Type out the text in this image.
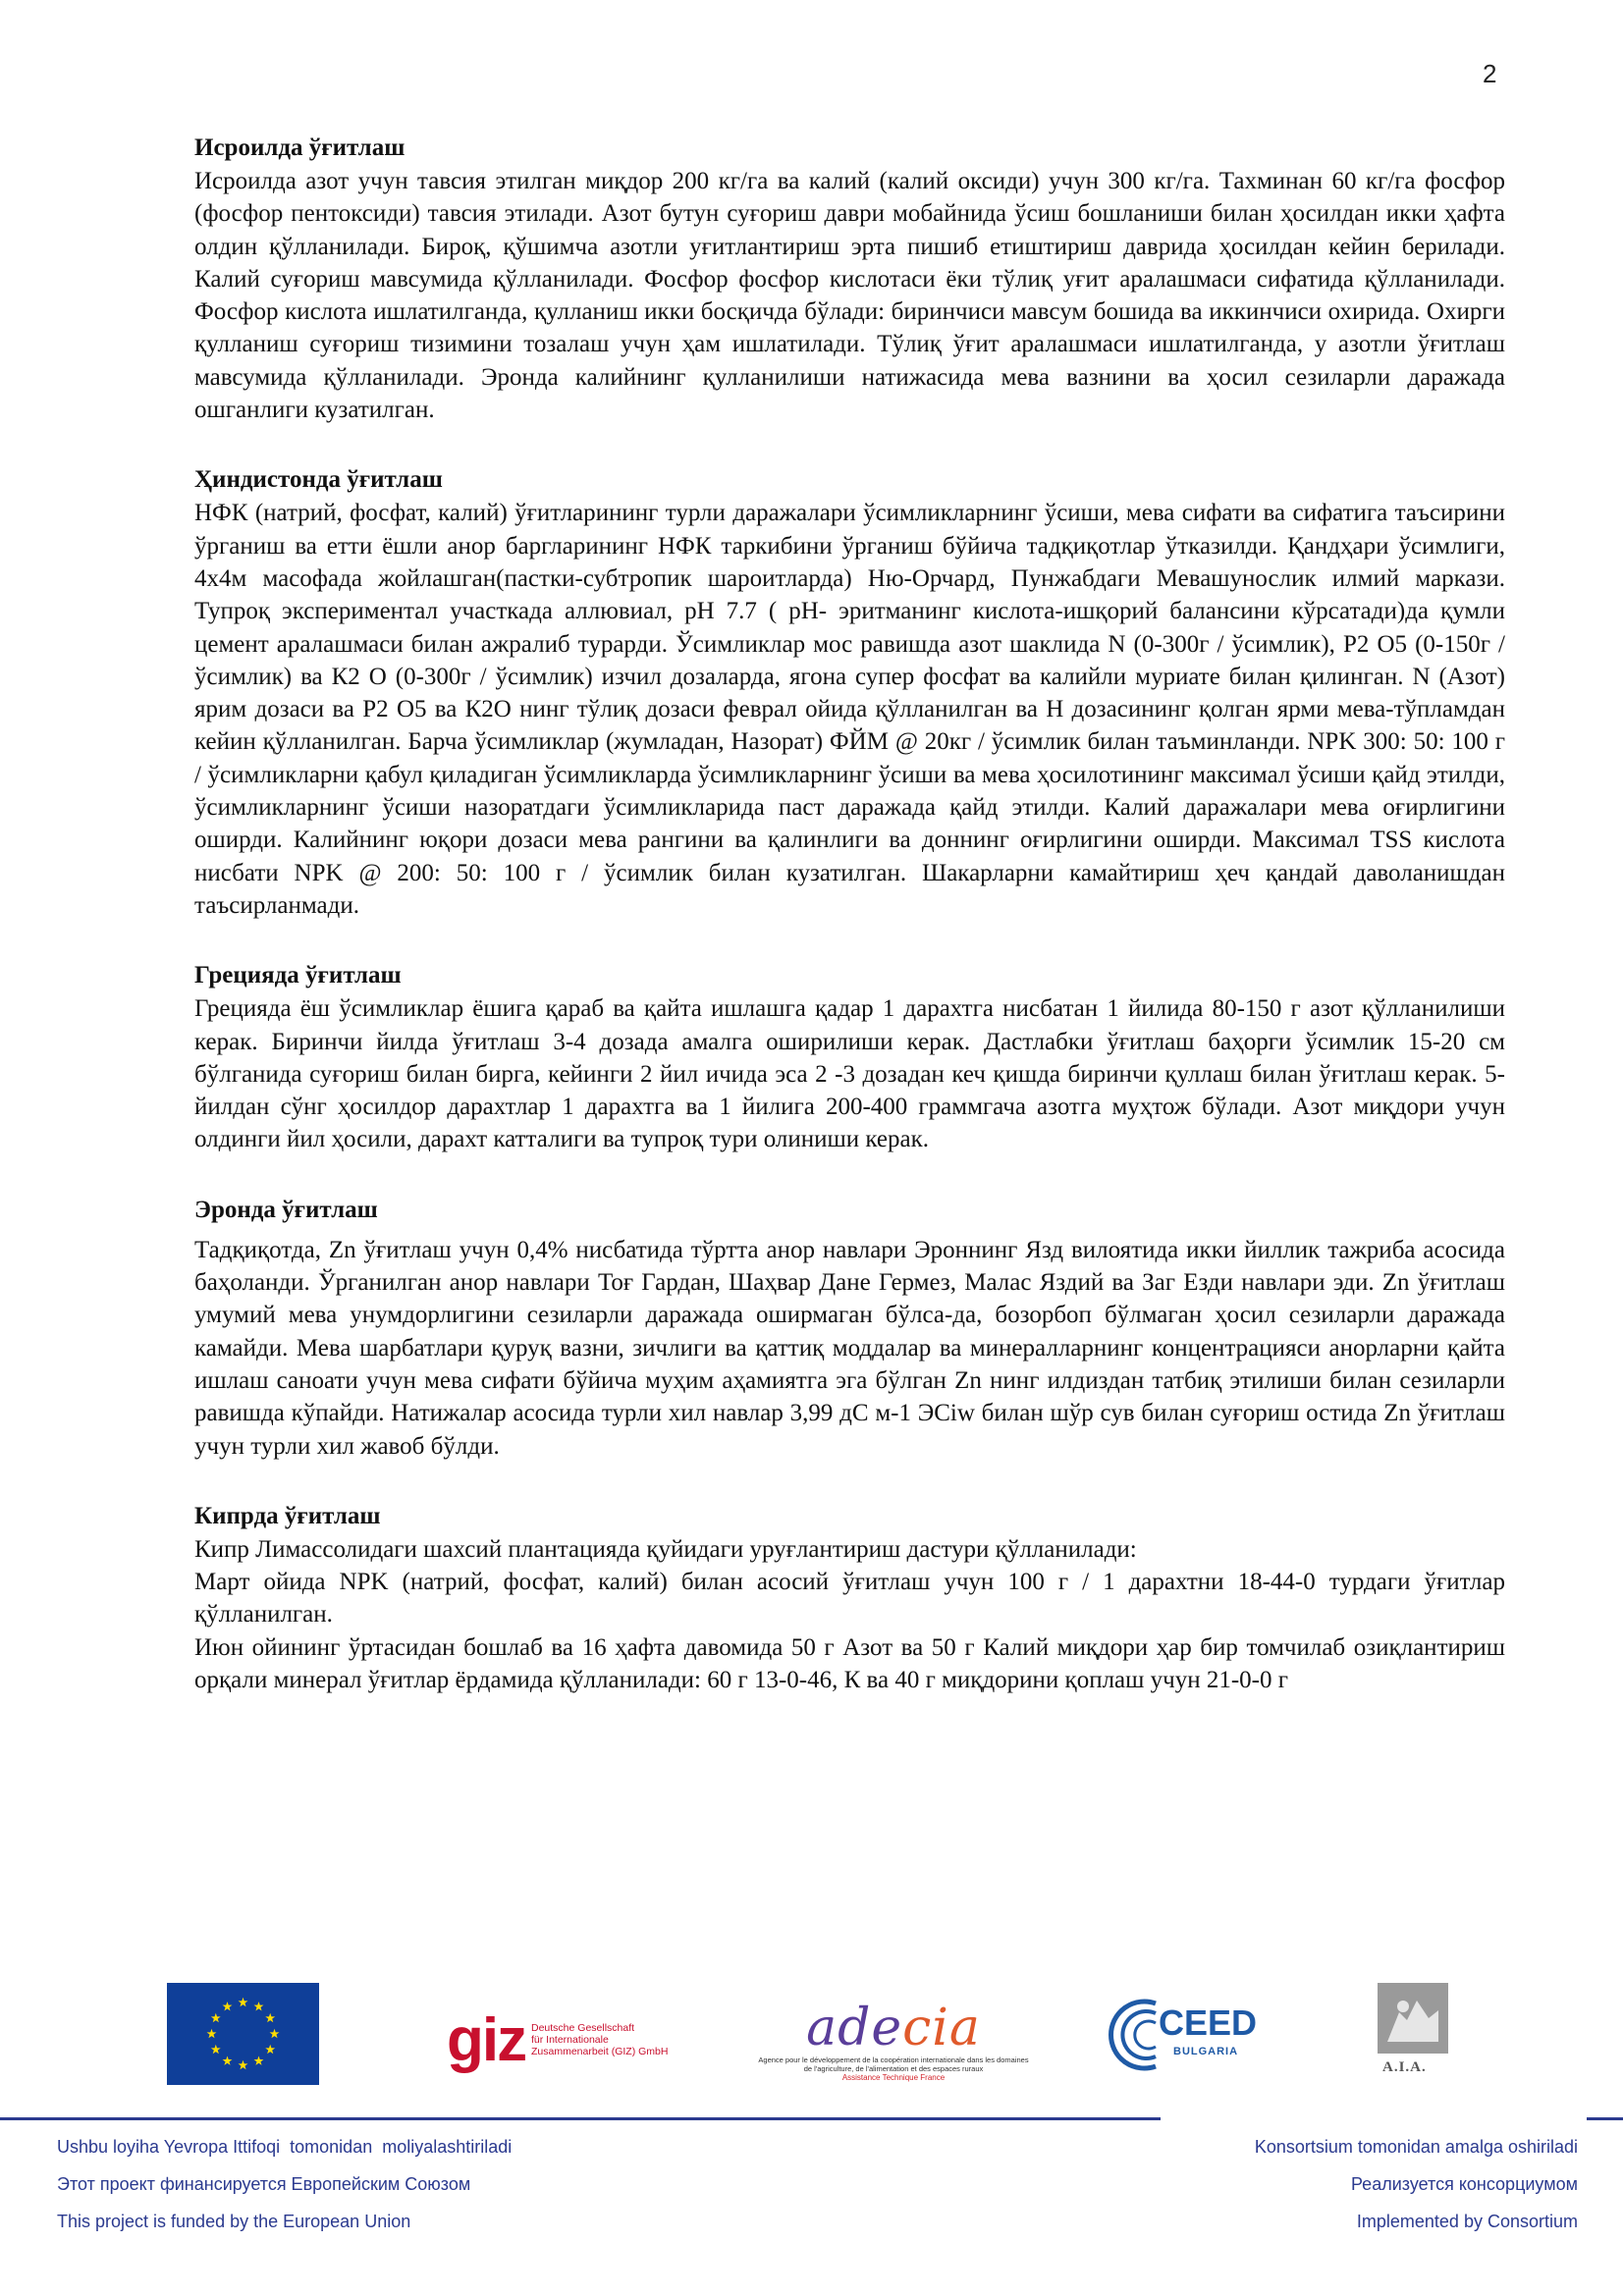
2
Исроилда ўғитлаш

Исроилда азот учун тавсия этилган миқдор 200 кг/га ва калий (калий оксиди) учун 300 кг/га. Тахминан 60 кг/га фосфор (фосфор пентоксиди) тавсия этилади. Азот бутун суғориш даври мобайнида ўсиш бошланиши билан ҳосилдан икки ҳафта олдин қўлланилади. Бироқ, қўшимча азотли уғитлантириш эрта пишиб етиштириш даврида ҳосилдан кейин берилади. Калий суғориш мавсумида қўлланилади. Фосфор фосфор кислотаси ёки тўлиқ уғит аралашмаси сифатида қўлланилади. Фосфор кислота ишлатилганда, қулланиш икки босқичда бўлади: биринчиси мавсум бошида ва иккинчиси охирида. Охирги қулланиш суғориш тизимини тозалаш учун ҳам ишлатилади. Тўлиқ ўғит аралашмаси ишлатилганда, у азотли ўғитлаш мавсумида қўлланилади. Эронда калийнинг қулланилиши натижасида мева вазнини ва ҳосил сезиларли даражада ошганлиги кузатилган.

Ҳиндистонда ўғитлаш

НФК (натрий, фосфат, калий) ўғитларининг турли даражалари ўсимликларнинг ўсиши, мева сифати ва сифатига таъсирини ўрганиш ва етти ёшли анор баргларининг НФК таркибини ўрганиш бўйича тадқиқотлар ўтказилди. Қандҳари ўсимлиги, 4х4м масофада жойлашган(пастки-субтропик шароитларда) Ню-Орчард, Пунжабдаги Мевашунослик илмий маркази. Тупроқ экспериментал участкада аллювиал, pH 7.7 ( pH- эритманинг кислота-ишқорий балансини кўрсатади)да қумли цемент аралашмаси билан ажралиб турарди. Ўсимликлар мос равишда азот шаклида N (0-300г / ўсимлик), P2 O5 (0-150г / ўсимлик) ва К2 O (0-300г / ўсимлик) изчил дозаларда, ягона супер фосфат ва калийли муриате билан қилинган. N (Азот) ярим дозаси ва P2 O5 ва К2О нинг тўлиқ дозаси феврал ойида қўлланилган ва Н дозасининг қолган ярми мева-тўпламдан кейин қўлланилган. Барча ўсимликлар (жумладан, Назорат) ФЙМ @ 20кг / ўсимлик билан таъминланди. NPK 300: 50: 100 г / ўсимликларни қабул қиладиган ўсимликларда ўсимликларнинг ўсиши ва мева ҳосилотининг максимал ўсиши қайд этилди, ўсимликларнинг ўсиши назоратдаги ўсимликларида паст даражада қайд этилди. Калий даражалари мева оғирлигини оширди. Калийнинг юқори дозаси мева рангини ва қалинлиги ва доннинг оғирлигини оширди. Максимал TSS кислота нисбати NPK @ 200: 50: 100 г / ўсимлик билан кузатилган. Шакарларни камайтириш ҳеч қандай даволанишдан таъсирланмади.

Грецияда ўғитлаш

Грецияда ёш ўсимликлар ёшига қараб ва қайта ишлашга қадар 1 дарахтга нисбатан 1 йилида 80-150 г азот қўлланилиши керак. Биринчи йилда ўғитлаш 3-4 дозада амалга оширилиши керак. Дастлабки ўғитлаш баҳорги ўсимлик 15-20 см бўлганида суғориш билан бирга, кейинги 2 йил ичида эса 2 -3 дозадан кеч қишда биринчи қуллаш билан ўғитлаш керак. 5-йилдан сўнг ҳосилдор дарахтлар 1 дарахтга ва 1 йилига 200-400 граммгача азотга муҳтож бўлади. Азот миқдори учун олдинги йил ҳосили, дарахт катталиги ва тупроқ тури олиниши керак.

Эронда ўғитлаш

Тадқиқотда, Zn ўғитлаш учун 0,4% нисбатида тўртта анор навлари Эроннинг Язд вилоятида икки йиллик тажриба асосида баҳоланди. Ўрганилган анор навлари Тоғ Гардан, Шаҳвар Дане Гермез, Малас Яздий ва Заг Езди навлари эди. Zn ўғитлаш умумий мева унумдорлигини сезиларли даражада оширмаган бўлса-да, бозорбоп бўлмаган ҳосил сезиларли даражада камайди. Мева шарбатлари қуруқ вазни, зичлиги ва қаттиқ моддалар ва минералларнинг концентрацияси анорларни қайта ишлаш саноати учун мева сифати бўйича муҳим аҳамиятга эга бўлган Zn нинг илдиздан татбиқ этилиши билан сезиларли равишда кўпайди. Натижалар асосида турли хил навлар 3,99 дС м-1 ЭСiw билан шўр сув билан суғориш остида Zn ўғитлаш учун турли хил жавоб бўлди.

Кипрда ўғитлаш

Кипр Лимассолидаги шахсий плантацияда қуйидаги уруғлантириш дастури қўлланилади:

Март ойида NPK (натрий, фосфат, калий) билан асосий ўғитлаш учун 100 г / 1 дарахтни 18-44-0 турдаги ўғитлар қўлланилган.

Июн ойининг ўртасидан бошлаб ва 16 ҳафта давомида 50 г Азот ва 50 г Калий миқдори ҳар бир томчилаб озиқлантириш орқали минерал ўғитлар ёрдамида қўлланилади: 60 г 13-0-46, К ва 40 г миқдорини қоплаш учун 21-0-0 г

giz Deutsche Gesellschaft
für Internationale
Zusammenarbeit (GIZ) GmbH	adecia
Agence pour le développement de la coopération internationale dans les domaines de l'agriculture, de l'alimentation et des espaces ruraux
Assistance Technique France
CEED
BULGARIA
A.I.A.
Ushbu loyiha Yevropa Ittifoqi  tomonidan  moliyalashtiriladi
Этот проект финансируется Европейским Союзом
This project is funded by the European Union
Konsortsium tomonidan amalga oshiriladi
Реализуется консорциумом
Implemented by Consortium
